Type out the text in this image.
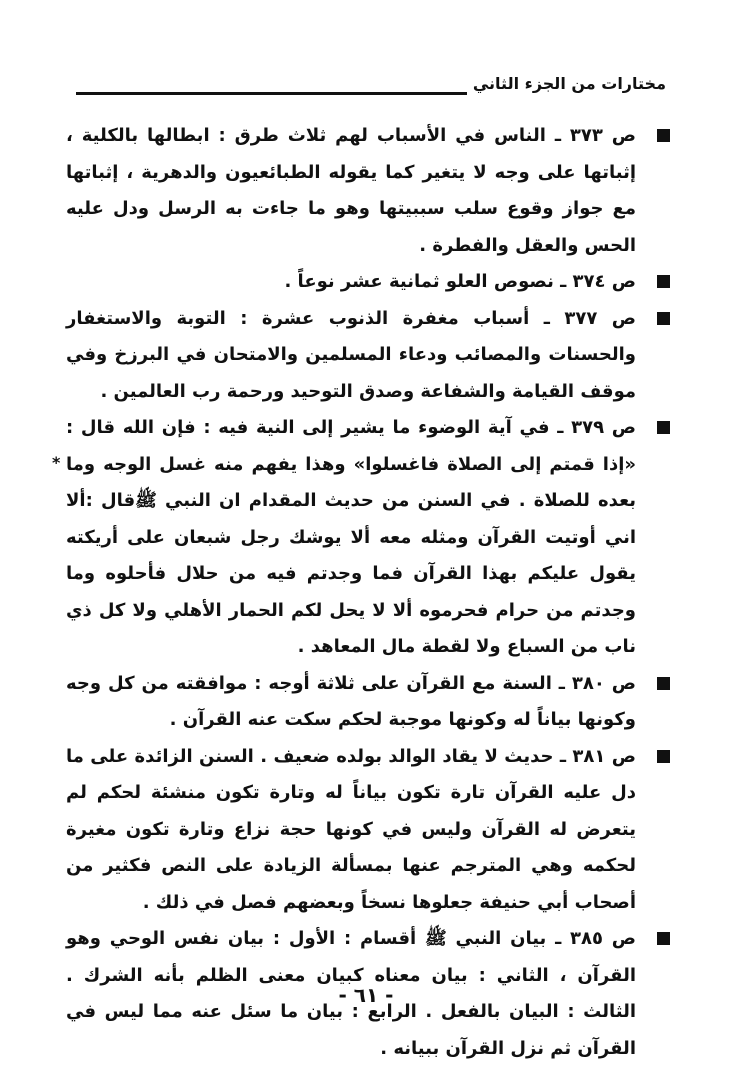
مختارات من الجزء الثاني
ص ٣٧٣ ـ الناس في الأسباب لهم ثلاث طرق : ابطالها بالكلية ، إثباتها على وجه لا يتغير كما يقوله الطبائعيون والدهرية ، إثباتها مع جواز وقوع سلب سببيتها وهو ما جاءت به الرسل ودل عليه الحس والعقل والفطرة .
ص ٣٧٤ ـ نصوص العلو ثمانية عشر نوعاً .
ص ٣٧٧ ـ أسباب مغفرة الذنوب عشرة : التوبة والاستغفار والحسنات والمصائب ودعاء المسلمين والامتحان في البرزخ وفي موقف القيامة والشفاعة وصدق التوحيد ورحمة رب العالمين .
ص ٣٧٩ ـ في آية الوضوء ما يشير إلى النية فيه : فإن الله قال : «إذا قمتم إلى الصلاة فاغسلوا» وهذا يفهم منه غسل الوجه وما بعده للصلاة . في السنن من حديث المقدام ان النبي ﷺقال :ألا اني أوتيت القرآن ومثله معه ألا يوشك رجل شبعان على أريكته يقول عليكم بهذا القرآن فما وجدتم فيه من حلال فأحلوه وما وجدتم من حرام فحرموه ألا لا يحل لكم الحمار الأهلي ولا كل ذي ناب من السباع ولا لقطة مال المعاهد .
ص ٣٨٠ ـ السنة مع القرآن على ثلاثة أوجه : موافقته من كل وجه وكونها بياناً له وكونها موجبة لحكم سكت عنه القرآن .
ص ٣٨١ ـ حديث لا يقاد الوالد بولده ضعيف . السنن الزائدة على ما دل عليه القرآن تارة تكون بياناً له وتارة تكون منشئة لحكم لم يتعرض له القرآن وليس في كونها حجة نزاع وتارة تكون مغيرة لحكمه وهي المترجم عنها بمسألة الزيادة على النص فكثير من أصحاب أبي حنيفة جعلوها نسخاً وبعضهم فصل في ذلك .
ص ٣٨٥ ـ بيان النبي ﷺ أقسام : الأول : بيان نفس الوحي وهو القرآن ، الثاني : بيان معناه كبيان معنى الظلم بأنه الشرك . الثالث : البيان بالفعل . الرابع : بيان ما سئل عنه مما ليس في القرآن ثم نزل القرآن ببيانه .
*
- ٦١ -
